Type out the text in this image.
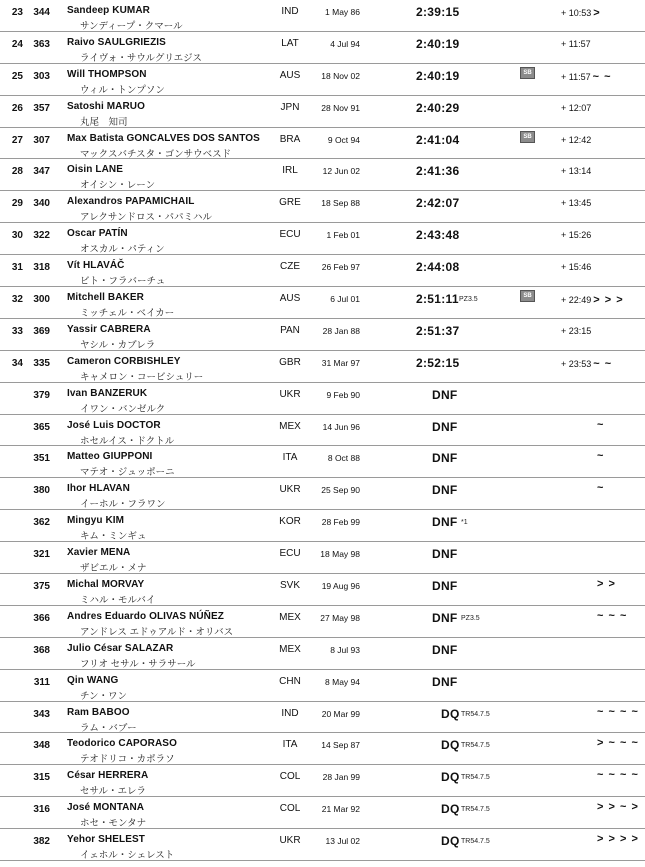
23	344 Sandeep KUMAR
サンディープ・クマール
IND	1 May 86	2:39:15	+ 10:53 >
24	363 Raivo SAULGRIEZIS
ライヴォ・サウルグリエジス
LAT	4 Jul 94	2:40:19	+ 11:57
25	303 Will THOMPSON
ウィル・トンプソン
AUS	18 Nov 02	2:40:19	SB	+ 11:57 ~ ~
26	357 Satoshi MARUO
丸尾　知司
JPN	28 Nov 91	2:40:29	+ 12:07
27	307 Max Batista GONCALVES DOS SANTOS
マックスバチスタ・ゴンサウベスド
BRA	9 Oct 94	2:41:04	SB	+ 12:42
28	347 Oisin LANE
オイシン・レーン
IRL	12 Jun 02	2:41:36	+ 13:14
29	340 Alexandros PAPAMICHAIL
アレクサンドロス・パパミハル
GRE	18 Sep 88	2:42:07	+ 13:45
30	322 Oscar PATÍN
オスカル・パティン
ECU	1 Feb 01	2:43:48	+ 15:26
31	318 Vít HLAVÁČ
ビト・フラバーチュ
CZE	26 Feb 97	2:44:08	+ 15:46
32	300 Mitchell BAKER
ミッチェル・ベイカー
AUS	6 Jul 01	2:51:11 PZ3.5	SB	+ 22:49 > > >
33	369 Yassir CABRERA
ヤシル・カブレラ
PAN	28 Jan 88	2:51:37	+ 23:15
34	335 Cameron CORBISHLEY
キャメロン・コービシュリー
GBR	31 Mar 97	2:52:15	+ 23:53 ~ ~
379 Ivan BANZERUK
イワン・バンゼルク
UKR	9 Feb 90	DNF
365 José Luis DOCTOR
ホセルイス・ドクトル
MEX	14 Jun 96	DNF	~
351 Matteo GIUPPONI
マテオ・ジュッポーニ
ITA	8 Oct 88	DNF	~
380 Ihor HLAVAN
イーホル・フラワン
UKR	25 Sep 90	DNF	~
362 Mingyu KIM
キム・ミンギュ
KOR	28 Feb 99	DNF *1
321 Xavier MENA
ザビエル・メナ
ECU	18 May 98	DNF
375 Michal MORVAY
ミハル・モルバイ
SVK	19 Aug 96	DNF	> >
366 Andres Eduardo OLIVAS NÚÑEZ
アンドレス エドゥアルド・オリバス
MEX	27 May 98	DNF PZ3.5	~ ~ ~
368 Julio César SALAZAR
フリオ セサル・サラサール
MEX	8 Jul 93	DNF
311 Qin WANG
チン・ワン
CHN	8 May 94	DNF
343 Ram BABOO
ラム・バブー
IND	20 Mar 99	DQ TR54.7.5	~ ~ ~ ~
348 Teodorico CAPORASO
テオドリコ・カポラソ
ITA	14 Sep 87	DQ TR54.7.5	> ~ ~ ~
315 César HERRERA
セサル・エレラ
COL	28 Jan 99	DQ TR54.7.5	~ ~ ~ ~
316 José MONTANA
ホセ・モンタナ
COL	21 Mar 92	DQ TR54.7.5	> > ~ >
382 Yehor SHELEST
イェホル・シェレスト
UKR	13 Jul 02	DQ TR54.7.5	> > > >
